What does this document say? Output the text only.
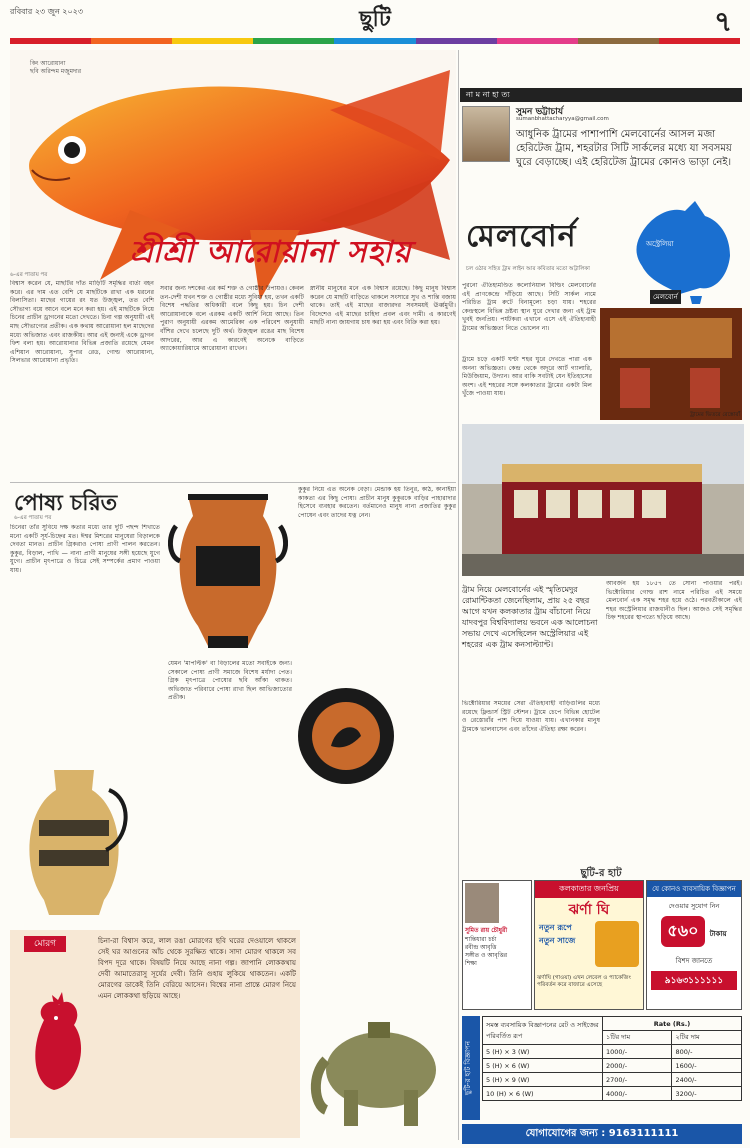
রবিবার ২৩ জুন ২০২৩	ছুটি	৭
কিং আরোয়ানা
ছবি অরিন্দম মজুমদার
শ্রীশ্রী আরোয়ানা সহায়
৬-এর পাতায় পর
বিশ্বাস করেন যে, মাছটির দাঁত মাড়িটি সমৃদ্ধির বার্তা বহন করে। এর দাম এত বেশি যে মাছটিকে রাখা এক ধরনের বিলাসিতা। মাছের গায়ের রং যত উজ্জ্বল, তত বেশি সৌভাগ্য বয়ে আনে বলে মনে করা হয়। এই মাছটিকে নিয়ে চিনের প্রাচীন ড্রাগনের মতো দেখতে। চিনা গল্প অনুযায়ী এই মাছ সৌভাগ্যের প্রতীক। এক কথায় আরোয়ানা হল মাছেদের মধ্যে অভিজাত এবং রাজকীয়। আর এই জন্যই একে ড্রাগন ফিশ বলা হয়। আরোয়ানার বিভিন্ন প্রজাতি রয়েছে যেমন এশিয়ান আরোয়ানা, সুপার রেড, গোল্ড আরোয়ানা, সিলভার আরোয়ানা প্রভৃতি।
সবার জন্য দশকের এর কর্ম শক্ত ও গোষ্ঠীর উপায়ও। কেবল তন-দেশী যখন শক্ত ও গোষ্ঠীর মধ্যে সুবিধা হয়, তখন একটি বিশেষ পদ্ধতির অধিকারী বলে কিছু হয়। চিন দেশী আরোয়ানাকে বলে এরকম একটি আর্শি নিয়ে আছে। তিন পুরাণ অনুযায়ী এরকম আমেরিকা এক পরিবেশ অনুযায়ী বাঁশির দেখে চলেছে দুটি অর্থ। উজ্জ্বল রঙের মাছ বিশেষ আদরের, আর এ কারণেই অনেকে বাড়িতে অ্যাকোয়ারিয়ামে আরোয়ানা রাখেন।
স্নানীয় মানুষের মনে এক বিশ্বাস রয়েছে। কিছু মানুষ বিশ্বাস করেন যে মাছটি বাড়িতে থাকলে সংসারে সুখ ও শান্তি বজায় থাকে। তাই এই মাছের বাজারদর সবসময়ই ঊর্ধ্বমুখী। বিদেশেও এই মাছের চাহিদা প্রবল এবং দামী। এ কারণেই মাছটি নানা জায়গায় চাষ করা হয় এবং বিক্রি করা হয়।
পোষ্য চরিত
৬-এর পাতায় পর
চিনেরা তাঁর সুবিধে দক্ষ কতার মধ্যে তার দুটি পছন্দ শিখাতে মনো একটি সূর্য-চিহ্নের মত। ঈশ্বর মিশরের মানুষেরা বিড়ালকে দেবতা মানত। প্রাচীন গ্রিকরাও পোষ্য প্রাণী পালন করতেন। কুকুর, বিড়াল, পাখি — নানা প্রাণী মানুষের সঙ্গী হয়েছে যুগে যুগে। প্রাচীন মৃৎপাত্রে ও চিত্রে সেই সম্পর্কের প্রমাণ পাওয়া যায়।
যেমন 'মাপল্টিক' বা বিড়ালের মতো সবাইকে জন্য। সেকালে পোষ্য প্রাণী সমাজে বিশেষ মর্যাদা পেত। গ্রিক মৃৎপাত্রে পোষ্যের ছবি আঁকা থাকত। অভিজাত পরিবারে পোষ্য রাখা ছিল আভিজাত্যের প্রতীক।
কুকুর নিয়ে এত অনেক বেড়া। মেন্ডাক হয় তিনুর, কাঠ, কানাইয়া কাকতা এর কিছু পোষ্য। প্রাচীন মানুষ কুকুরকে বাড়ির পাহারাদার হিসেবে ব্যবহার করতেন। বর্তমানেও মানুষ নানা প্রজাতির কুকুর পোষেন এবং তাদের যত্ন নেন।
মোরগ	চিনা-রা বিশ্বাস করে, লাল রঙা মোরগের ছবি ঘরের দেওয়ালে থাকলে সেই ঘর আগুনের আঁচ থেকে সুরক্ষিত থাকে। সাদা মোরগ থাকলে সব বিপদ দূরে থাকে। বিষয়টি নিয়ে আছে নানা গল্প। জাপানি লোককথায় দেবী আমাতেরাসু সূর্যের দেবী। তিনি গুহায় লুকিয়ে থাকতেন। একটি মোরগের ডাকেই তিনি বেরিয়ে আসেন। বিশ্বের নানা প্রান্তে মোরগ নিয়ে এমন লোককথা ছড়িয়ে আছে।
না ম না হা ত্য
সুমন ভট্টাচার্য
sumanbhattacharyya@gmail.com
আধুনিক ট্রামের পাশাপাশি মেলবোর্নের আসল মজা হেরিটেজ ট্রাম, শহরটার সিটি সার্কলের মধ্যে যা সবসময় ঘুরে বেড়াচ্ছে। এই হেরিটেজ ট্রামের কোনও ভাড়া নেই।
মেলবোর্ন	অস্ট্রেলিয়া
মেলবোর্ন
চল ওঠার সহিত ট্রাম লাইন আর কবিতার মতো অট্টালিকা
পুরনো ঐতিহ্যমণ্ডিত কলোনিয়াল বিল্ডিং মেলবোর্নের এই প্রাণকেন্দ্রে দাঁড়িয়ে আছে। সিটি সার্কল নামে পরিচিত ট্রাম রুটে বিনামূল্যে চড়া যায়। শহরের কেন্দ্রস্থলে বিভিন্ন দ্রষ্টব্য স্থান ঘুরে দেখার জন্য এই ট্রাম খুবই জনপ্রিয়। পর্যটকরা এখানে এসে এই ঐতিহ্যবাহী ট্রামের অভিজ্ঞতা নিতে ভোলেন না।
ট্রামে চড়ে একটি ঘণ্টা শহর ঘুরে দেখতে পারা এক অনন্য অভিজ্ঞতা। কেন্দ্র থেকে অদূরে আর্ট গ্যালারি, মিউজিয়াম, উদ্যান। আর বাকি সবটাই যেন ইতিহাসের অংশ। এই শহরের সঙ্গে কলকাতার ট্রামের একটা মিল খুঁজে পাওয়া যায়।
ট্রামের ভিতরে রেস্তোরাঁ
ট্রাম নিয়ে মেলবোর্নের এই স্মৃতিমেদুর রোমান্টিকতা জেনেছিলাম, প্রায় ২৫ বছর আগে যখন কলকাতার ট্রাম বাঁচানো নিয়ে যাদবপুর বিশ্ববিদ্যালয় ভবনে এক আলোচনা সভায় দেখে এসেছিলেন অস্ট্রেলিয়ার এই শহরের এক ট্রাম কনসাল্ট্যান্ট।
আবর্জন হয় ১৮৫৭ তে সোনা পাওয়ার পরই। ভিক্টোরিয়ার গোল্ড রাশ নামে পরিচিত এই সময়ে মেলবোর্ন এক সমৃদ্ধ শহর হয়ে ওঠে। পরবর্তীকালে এই শহর অস্ট্রেলিয়ার রাজধানীও ছিল। আজও সেই সমৃদ্ধির চিহ্ন শহরের স্থাপত্যে ছড়িয়ে আছে।
ভিক্টোরিয়ার সময়ের সেরা ঐতিহ্যবাহী বাড়িগুলির মধ্যে রয়েছে ফ্লিন্ডার্স স্ট্রিট স্টেশন। ট্রামে চেপে বিভিন্ন হোটেল ও রেস্তোরাঁর পাশ দিয়ে যাওয়া যায়। এখানকার মানুষ ট্রামকে ভালবাসেন এবং তাঁদের ঐতিহ্য রক্ষা করেন।
ছুটি-র হাট
সুমিত রায় চৌধুরী
শান্তিধারা চৰ্চা
রবীন্দ্র আবৃত্তি
সঙ্গীত ও আবৃত্তির
শিক্ষা
কলকাতার জনপ্রিয়
ঝর্ণা ঘি
নতুন রূপে
নতুন সাজে
ঝর্ণাঘি (গাওয়া) এখন লেবেল ও প্যাকেজিং পরিবর্তন করে বাজারে এসেছে
যে কোনও ব্যবসায়িক বিজ্ঞাপন
দেওয়ার সুযোগ নিন
৫৬০ টাকায়
বিশদ জানতে
৯১৬৩১১১১১১
ছুটি-র হাট বিজ্ঞাপন
সমস্ত ব্যবসায়িক বিজ্ঞাপনের রেট ও সাইজের পরিবর্তিত রূপ	Rate (Rs.)	
	১টির দাম	২টির দাম
5 (H) × 3 (W)	1000/-	800/-
5 (H) × 6 (W)	2000/-	1600/-
5 (H) × 9 (W)	2700/-	2400/-
10 (H) × 6 (W)	4000/-	3200/-
যোগাযোগের জন্য : 9163111111
